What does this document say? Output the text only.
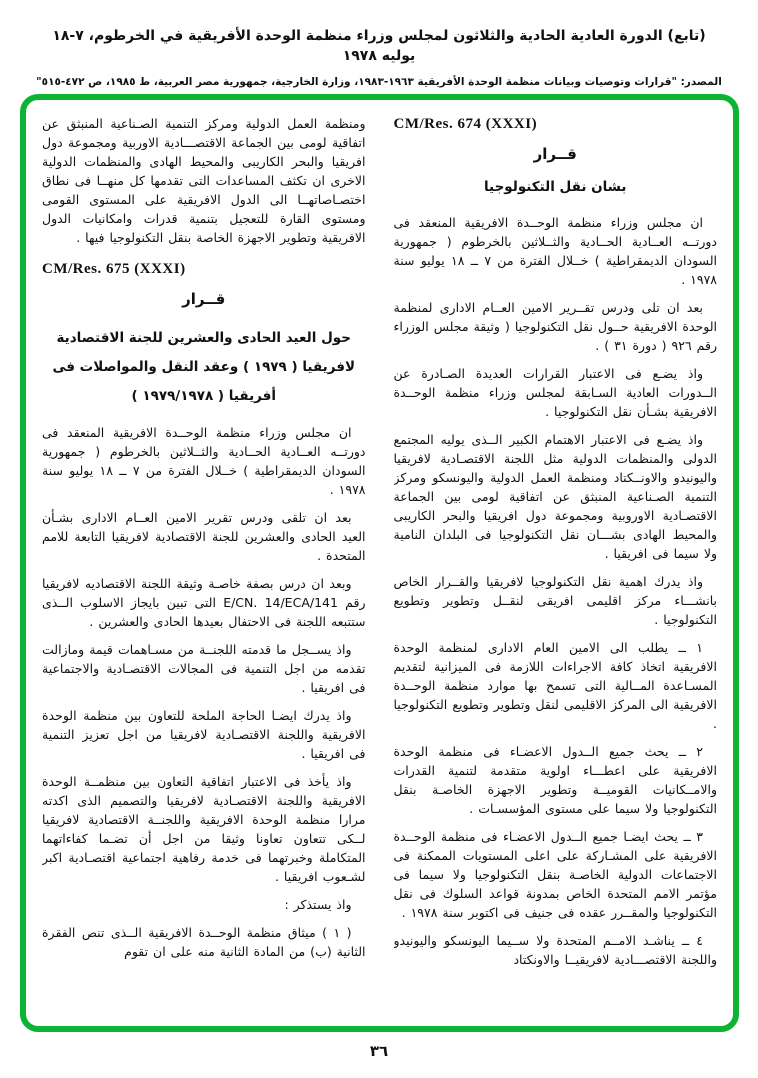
(تابع) الدورة العادية الحادية والثلاثون لمجلس وزراء منظمة الوحدة الأفريقية في الخرطوم، ٧-١٨ يوليه ١٩٧٨
المصدر: "قرارات وتوصيات وبيانات منظمة الوحدة الأفريقية ١٩٦٣-١٩٨٣، وزارة الخارجية، جمهورية مصر العربية، ط ١٩٨٥، ص ٤٧٢-٥١٥"
CM/Res. 674 (XXXI)
قــرار
بشان نقل التكنولوجيا

ان مجلس وزراء منظمة الوحــدة الافريقية المنعقد فى دورتــه العــادية الحــادية والثــلاثين بالخرطوم ( جمهورية السودان الديمقراطية ) خــلال الفترة من ٧ ــ ١٨ يوليو سنة ١٩٧٨ .

بعد ان تلى ودرس تقــرير الامين العــام الادارى لمنظمة الوحدة الافريقية حــول نقل التكنولوجيا ( وثيقة مجلس الوزراء رقم ٩٢٦ ( دورة ٣١ ) .

واذ يضـع فى الاعتبار القرارات العديدة الصـادرة عن الــدورات العادية السـابقة لمجلس وزراء منظمة الوحــدة الافريقية بشـأن نقل التكنولوجيا .

واذ يضـع فى الاعتبار الاهتمام الكبير الــذى يوليه المجتمع الدولى والمنظمات الدولية مثل اللجنة الاقتصـادية لافريقيا واليونيدو والاونــكتاد ومنظمة العمل الدولية واليونسكو ومركز التنمية الصـناعية المنبثق عن اتفاقية لومى بين الجماعة الاقتصـادية الاوروبية ومجموعة دول افريقيا والبحر الكاريبى والمحيط الهادى بشـــان نقل التكنولوجيا فى البلدان النامية ولا سيما فى افريقيا .

واذ يدرك اهمية نقل التكنولوجيا لافريقيا والقــرار الخاص بانشـــاء مركز اقليمى افريقى لنقــل وتطوير وتطويع التكنولوجيا .

١ ــ يطلب الى الامين العام الادارى لمنظمة الوحدة الافريقية اتخاذ كافة الاجراءات اللازمة فى الميزانية لتقديم المسـاعدة المــالية التى تسمح بها موارد منظمة الوحــدة الافريقية الى المركز الاقليمى لنقل وتطوير وتطويع التكنولوجيا .

٢ ــ يحث جميع الــدول الاعضـاء فى منظمة الوحدة الافريقية على اعطـــاء اولوية متقدمة لتنمية القدرات والامــكانيات القوميــة وتطوير الاجهزة الخاصـة بنقل التكنولوجيا ولا سيما على مستوى المؤسسـات .

٣ ــ يحث ايضـا جميع الــدول الاعضـاء فى منظمة الوحــدة الافريقية على المشـاركة على اعلى المستويات الممكنة فى الاجتماعات الدولية الخاصـة بنقل التكنولوجيا ولا سيما فى مؤتمر الامم المتحدة الخاص بمدونة قواعد السلوك فى نقل التكنولوجيا والمقــرر عقده فى جنيف فى اكتوبر سنة ١٩٧٨ .

٤ ــ يناشـد الامــم المتحدة ولا ســيما اليونسكو واليونيدو واللجنة الاقتصـــادية لافريقيــا والاونكتاد

ومنظمة العمل الدولية ومركز التنمية الصـناعية المنبثق عن اتفاقية لومى بين الجماعة الاقتصـــادية الاوربية ومجموعة دول افريقيا والبحر الكاريبى والمحيط الهادى والمنظمات الدولية الاخرى ان تكثف المساعدات التى تقدمها كل منهــا فى نطاق اختصـاصاتهــا الى الدول الافريقية على المستوى القومى ومستوى القارة للتعجيل بتنمية قدرات وامكانيات الدول الافريقية وتطوير الاجهزة الخاصة بنقل التكنولوجيا فيها .

CM/Res. 675 (XXXI)
قــرار
حول العيد الحادى والعشرين للجنة الاقتصادية
لافريقيا ( ١٩٧٩ ) وعقد النقل والمواصلات فى
أفريقيا ( ١٩٧٩/١٩٧٨ )

ان مجلس وزراء منظمة الوحــدة الافريقية المنعقد فى دورتــه العــادية الحــادية والثــلاثين بالخرطوم ( جمهورية السودان الديمقراطية ) خــلال الفترة من ٧ ــ ١٨ يوليو سنة ١٩٧٨ .

بعد ان تلقى ودرس تقرير الامين العــام الادارى بشـأن العيد الحادى والعشرين للجنة الاقتصادية لافريقيا التابعة للامم المتحدة .

وبعد ان درس بصفة خاصـة وثيقة اللجنة الاقتصاديه لافريقيا رقم E/CN. 14/ECA/141 التى تبين بايجاز الاسلوب الــذى ستتبعه اللجنة فى الاحتفال بعيدها الحادى والعشرين .

واذ يســجل ما قدمته اللجنــة من مسـاهمات قيمة ومازالت تقدمه من اجل التنمية فى المجالات الاقتصـادية والاجتماعية فى افريقيا .

واذ يدرك ايضـا الحاجة الملحة للتعاون بين منظمة الوحدة الافريقية واللجنة الاقتصـادية لافريقيا من اجل تعزيز التنمية فى افريقيا .

واذ يأخذ فى الاعتبار اتفاقية التعاون بين منظمــة الوحدة الافريقية واللجنة الاقتصـادية لافريقيا والتصميم الذى اكدته مرارا منظمة الوحدة الافريقية واللجنــة الاقتصادية لافريقيا لــكى تتعاون تعاونا وثيقا من اجل أن تضـما كفاءاتهما المتكاملة وخبرتهما فى خدمة رفاهية اجتماعية اقتصـادية اكبر لشـعوب افريقيا .

واذ يستذكر :

( ١ ) ميثاق منظمة الوحــدة الافريقية الــذى تنص الفقرة الثانية (ب) من المادة الثانية منه على ان تقوم

٣٦
